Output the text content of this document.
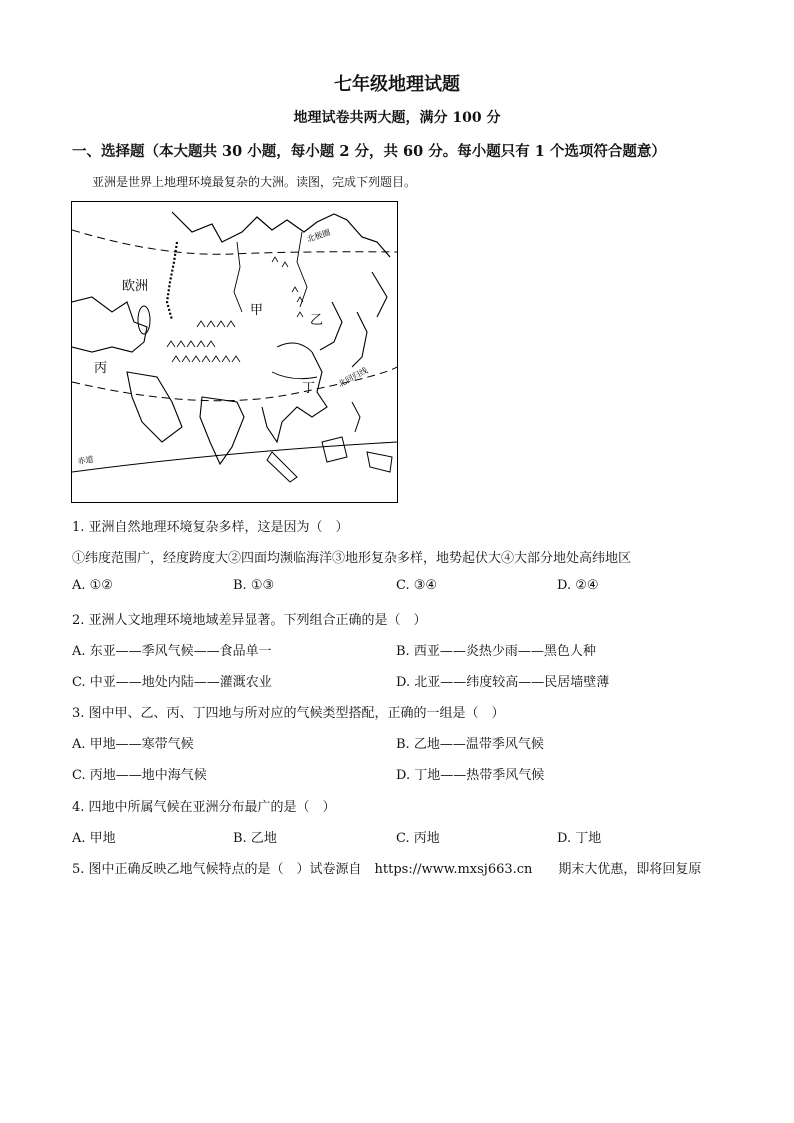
七年级地理试题
地理试卷共两大题，满分 100 分
一、选择题（本大题共 30 小题，每小题 2 分，共 60 分。每小题只有 1 个选项符合题意）
亚洲是世界上地理环境最复杂的大洲。读图，完成下列题目。
欧洲
甲
乙
丙
丁
北极圈
北回归线
赤道
1. 亚洲自然地理环境复杂多样，这是因为（　）
①纬度范围广，经度跨度大②四面均濒临海洋③地形复杂多样，地势起伏大④大部分地处高纬地区
A. ①②	B. ①③	C. ③④	D. ②④
2. 亚洲人文地理环境地域差异显著。下列组合正确的是（　）
A. 东亚——季风气候——食品单一	B. 西亚——炎热少雨——黑色人种
C. 中亚——地处内陆——灌溉农业	D. 北亚——纬度较高——民居墙壁薄
3. 图中甲、乙、丙、丁四地与所对应的气候类型搭配，正确的一组是（　）
A. 甲地——寒带气候	B. 乙地——温带季风气候
C. 丙地——地中海气候	D. 丁地——热带季风气候
4. 四地中所属气候在亚洲分布最广的是（　）
A. 甲地	B. 乙地	C. 丙地	D. 丁地
5. 图中正确反映乙地气候特点的是（　）试卷源自　https://www.mxsj663.cn　　期末大优惠，即将回复原
